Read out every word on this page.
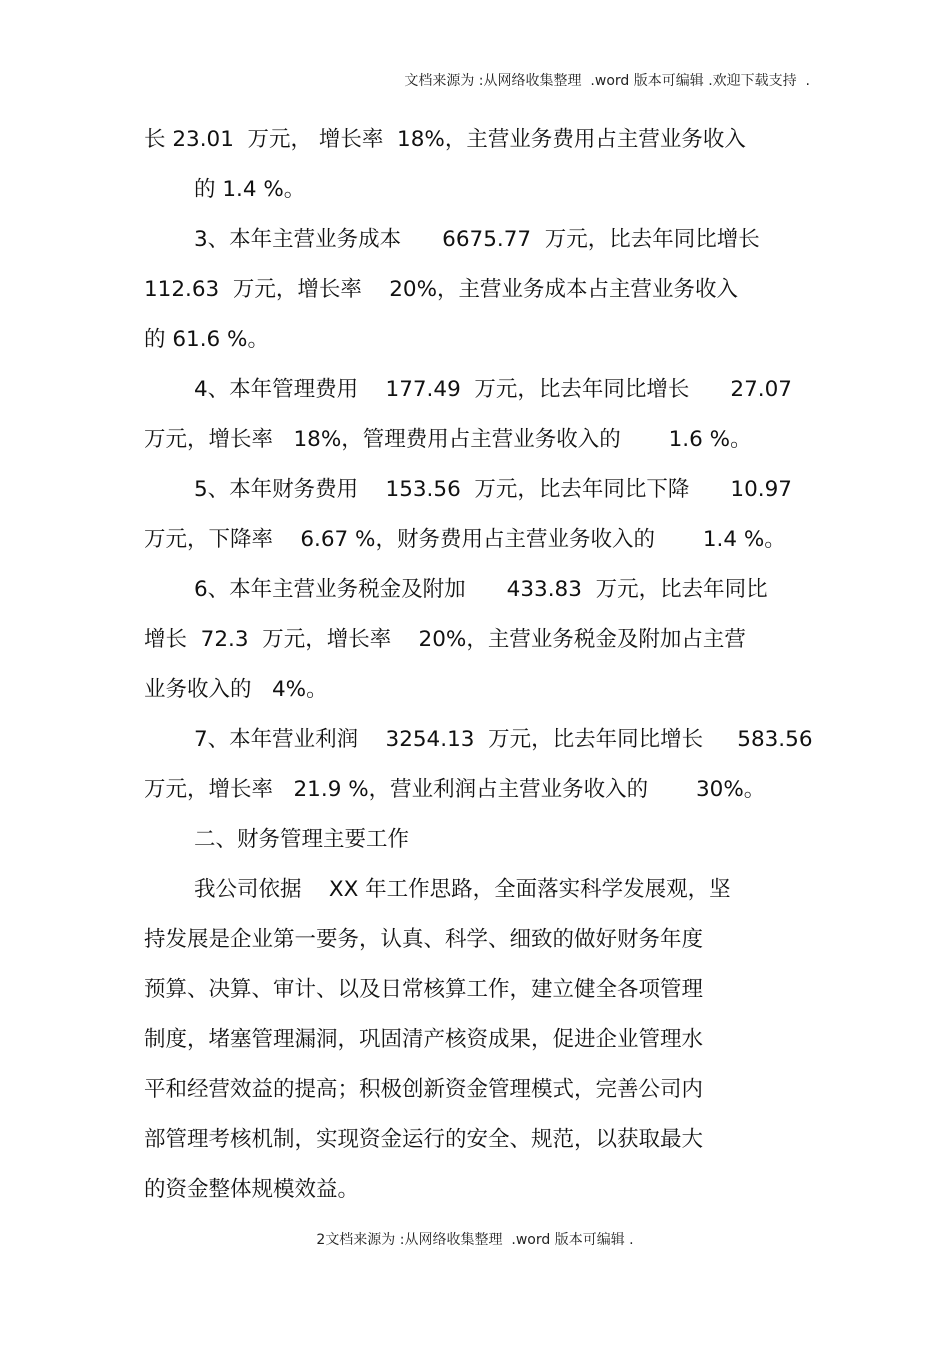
文档来源为 :从网络收集整理  .word 版本可编辑 .欢迎下载支持  .
长 23.01  万元， 增长率  18%，主营业务费用占主营业务收入
的 1.4 %。
3、本年主营业务成本      6675.77  万元，比去年同比增长
112.63  万元，增长率    20%，主营业务成本占主营业务收入
的 61.6 %。
4、本年管理费用    177.49  万元，比去年同比增长      27.07
万元，增长率   18%，管理费用占主营业务收入的       1.6 %。
5、本年财务费用    153.56  万元，比去年同比下降      10.97
万元，下降率    6.67 %，财务费用占主营业务收入的       1.4 %。
6、本年主营业务税金及附加      433.83  万元，比去年同比
增长  72.3  万元，增长率    20%，主营业务税金及附加占主营
业务收入的   4%。
7、本年营业利润    3254.13  万元，比去年同比增长     583.56
万元，增长率   21.9 %，营业利润占主营业务收入的       30%。
二、财务管理主要工作
我公司依据    XX 年工作思路，全面落实科学发展观，坚
持发展是企业第一要务，认真、科学、细致的做好财务年度
预算、决算、审计、以及日常核算工作，建立健全各项管理
制度，堵塞管理漏洞，巩固清产核资成果，促进企业管理水
平和经营效益的提高；积极创新资金管理模式，完善公司内
部管理考核机制，实现资金运行的安全、规范，以获取最大
的资金整体规模效益。
2文档来源为 :从网络收集整理  .word 版本可编辑 .
